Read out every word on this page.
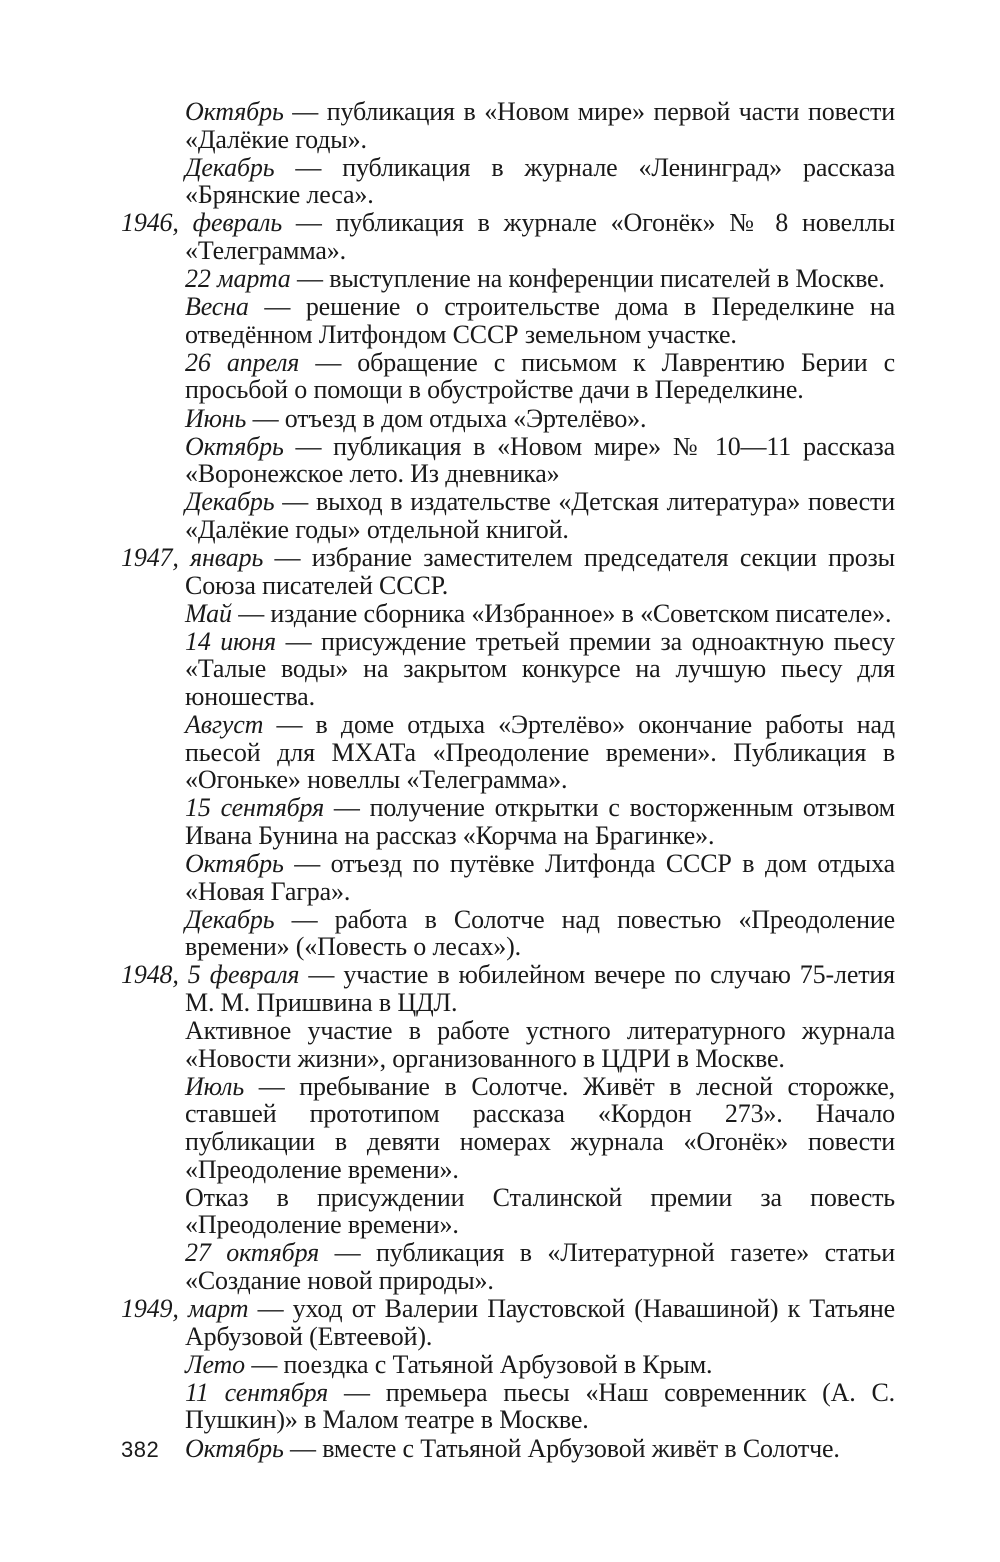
Октябрь — публикация в «Новом мире» первой части повести «Далёкие годы».

Декабрь — публикация в журнале «Ленинград» рассказа «Брянские леса».

1946, февраль — публикация в журнале «Огонёк» № 8 новеллы «Телеграмма».

22 марта — выступление на конференции писателей в Москве.

Весна — решение о строительстве дома в Переделкине на отведённом Литфондом СССР земельном участке.

26 апреля — обращение с письмом к Лаврентию Берии с просьбой о помощи в обустройстве дачи в Переделкине.

Июнь — отъезд в дом отдыха «Эртелёво».

Октябрь — публикация в «Новом мире» № 10—11 рассказа «Воронежское лето. Из дневника»

Декабрь — выход в издательстве «Детская литература» повести «Далёкие годы» отдельной книгой.

1947, январь — избрание заместителем председателя секции прозы Союза писателей СССР.

Май — издание сборника «Избранное» в «Советском писателе».

14 июня — присуждение третьей премии за одноактную пьесу «Талые воды» на закрытом конкурсе на лучшую пьесу для юношества.

Август — в доме отдыха «Эртелёво» окончание работы над пьесой для МХАТа «Преодоление времени». Публикация в «Огоньке» новеллы «Телеграмма».

15 сентября — получение открытки с восторженным отзывом Ивана Бунина на рассказ «Корчма на Брагинке».

Октябрь — отъезд по путёвке Литфонда СССР в дом отдыха «Новая Гагра».

Декабрь — работа в Солотче над повестью «Преодоление времени» («Повесть о лесах»).

1948, 5 февраля — участие в юбилейном вечере по случаю 75-летия М. М. Пришвина в ЦДЛ.

Активное участие в работе устного литературного журнала «Новости жизни», организованного в ЦДРИ в Москве.

Июль — пребывание в Солотче. Живёт в лесной сторожке, ставшей прототипом рассказа «Кордон 273». Начало публикации в девяти номерах журнала «Огонёк» повести «Преодоление времени».

Отказ в присуждении Сталинской премии за повесть «Преодоление времени».

27 октября — публикация в «Литературной газете» статьи «Создание новой природы».

1949, март — уход от Валерии Паустовской (Навашиной) к Татьяне Арбузовой (Евтеевой).

Лето — поездка с Татьяной Арбузовой в Крым.

11 сентября — премьера пьесы «Наш современник (А. С. Пушкин)» в Малом театре в Москве.

Октябрь — вместе с Татьяной Арбузовой живёт в Солотче.

382
